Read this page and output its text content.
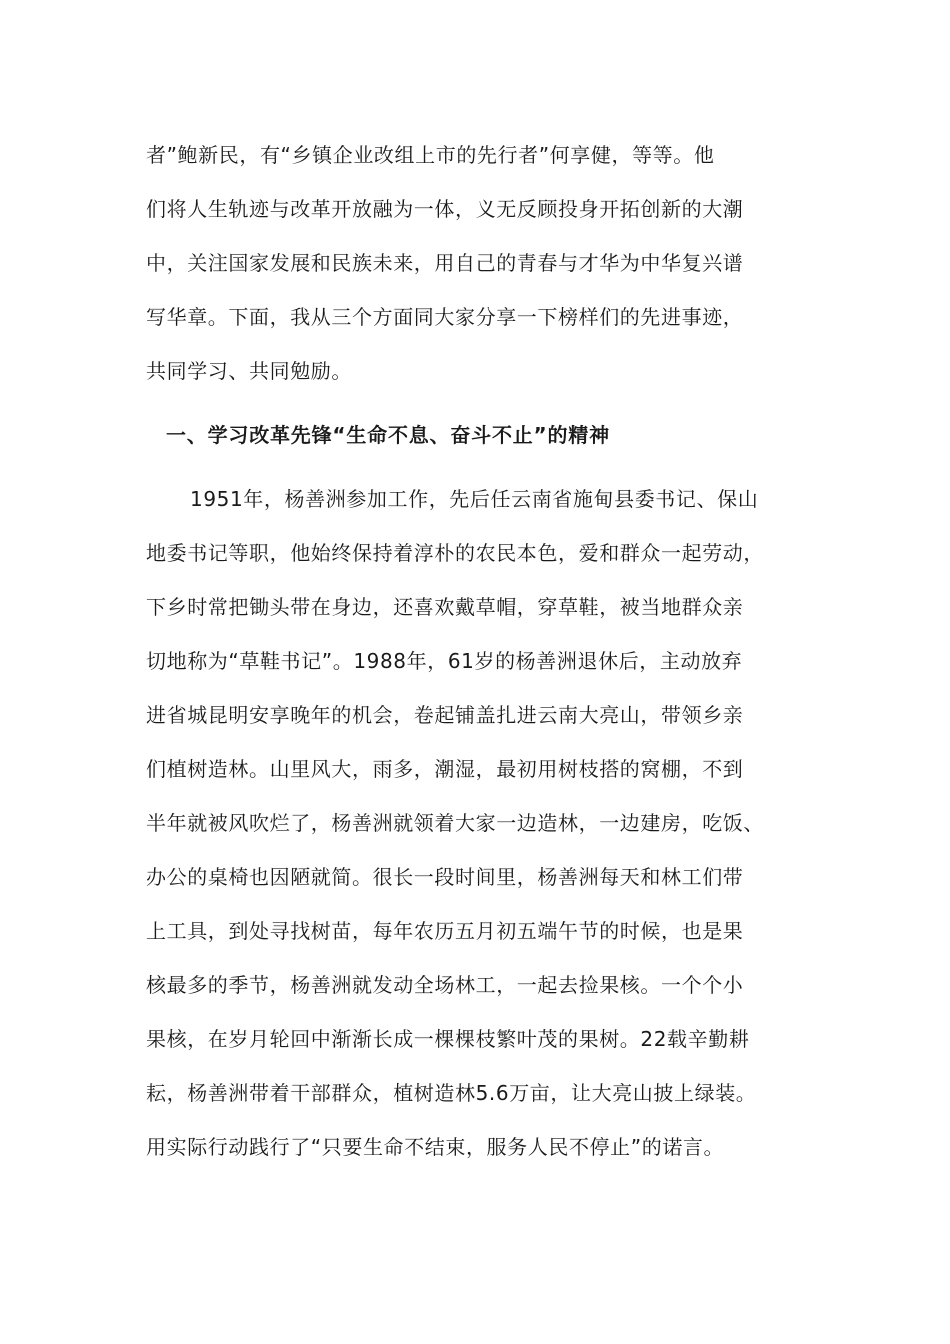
者”鲍新民，有“乡镇企业改组上市的先行者”何享健，等等。他
们将人生轨迹与改革开放融为一体，义无反顾投身开拓创新的大潮
中，关注国家发展和民族未来，用自己的青春与才华为中华复兴谱
写华章。下面，我从三个方面同大家分享一下榜样们的先进事迹，
共同学习、共同勉励。
一、学习改革先锋“生命不息、奋斗不止”的精神
1951年，杨善洲参加工作，先后任云南省施甸县委书记、保山
地委书记等职，他始终保持着淳朴的农民本色，爱和群众一起劳动，
下乡时常把锄头带在身边，还喜欢戴草帽，穿草鞋，被当地群众亲
切地称为“草鞋书记”。1988年，61岁的杨善洲退休后，主动放弃
进省城昆明安享晚年的机会，卷起铺盖扎进云南大亮山，带领乡亲
们植树造林。山里风大，雨多，潮湿，最初用树枝搭的窝棚，不到
半年就被风吹烂了，杨善洲就领着大家一边造林，一边建房，吃饭、
办公的桌椅也因陋就简。很长一段时间里，杨善洲每天和林工们带
上工具，到处寻找树苗，每年农历五月初五端午节的时候，也是果
核最多的季节，杨善洲就发动全场林工，一起去捡果核。一个个小
果核，在岁月轮回中渐渐长成一棵棵枝繁叶茂的果树。22载辛勤耕
耘，杨善洲带着干部群众，植树造林5.6万亩，让大亮山披上绿装。
用实际行动践行了“只要生命不结束，服务人民不停止”的诺言。
